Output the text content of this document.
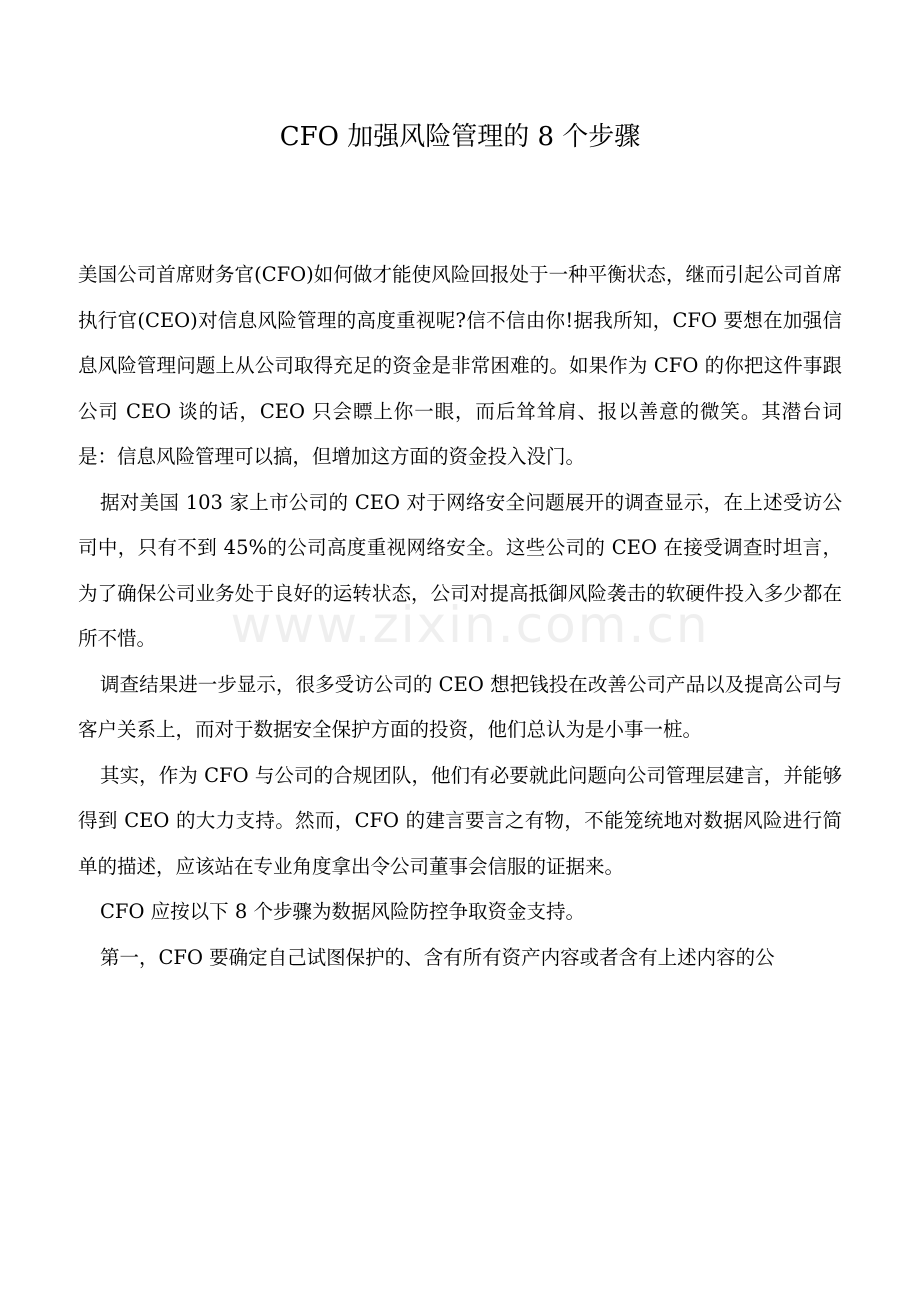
CFO 加强风险管理的 8 个步骤
www.zixin.com.cn

美国公司首席财务官(CFO)如何做才能使风险回报处于一种平衡状态，继而引起公司首席执行官(CEO)对信息风险管理的高度重视呢?信不信由你!据我所知，CFO 要想在加强信息风险管理问题上从公司取得充足的资金是非常困难的。如果作为 CFO 的你把这件事跟公司 CEO 谈的话，CEO 只会瞟上你一眼，而后耸耸肩、报以善意的微笑。其潜台词是：信息风险管理可以搞，但增加这方面的资金投入没门。

据对美国 103 家上市公司的 CEO 对于网络安全问题展开的调查显示，在上述受访公司中，只有不到 45%的公司高度重视网络安全。这些公司的 CEO 在接受调查时坦言，为了确保公司业务处于良好的运转状态，公司对提高抵御风险袭击的软硬件投入多少都在所不惜。

调查结果进一步显示，很多受访公司的 CEO 想把钱投在改善公司产品以及提高公司与客户关系上，而对于数据安全保护方面的投资，他们总认为是小事一桩。

其实，作为 CFO 与公司的合规团队，他们有必要就此问题向公司管理层建言，并能够得到 CEO 的大力支持。然而，CFO 的建言要言之有物，不能笼统地对数据风险进行简单的描述，应该站在专业角度拿出令公司董事会信服的证据来。

CFO 应按以下 8 个步骤为数据风险防控争取资金支持。

第一，CFO 要确定自己试图保护的、含有所有资产内容或者含有上述内容的公
